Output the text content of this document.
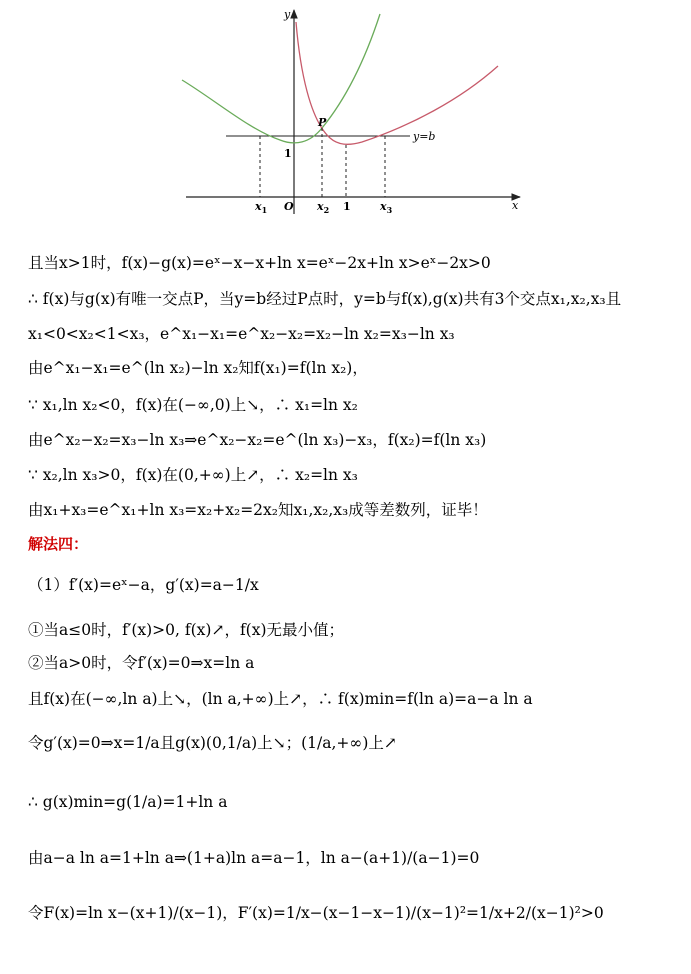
y
x
y=b
P
1
$x_1$ O $x_2$ 1	$x_3$
且当x>1时，f(x)−g(x)=eˣ−x−x+ln x=eˣ−2x+ln x>eˣ−2x>0
∴ f(x)与g(x)有唯一交点P，当y=b经过P点时，y=b与f(x),g(x)共有3个交点x₁,x₂,x₃且
x₁<0<x₂<1<x₃，e^x₁−x₁=e^x₂−x₂=x₂−ln x₂=x₃−ln x₃
由e^x₁−x₁=e^(ln x₂)−ln x₂知f(x₁)=f(ln x₂)，
∵ x₁,ln x₂<0，f(x)在(−∞,0)上↘，∴ x₁=ln x₂
由e^x₂−x₂=x₃−ln x₃⇒e^x₂−x₂=e^(ln x₃)−x₃，f(x₂)=f(ln x₃)
∵ x₂,ln x₃>0，f(x)在(0,+∞)上↗，∴ x₂=ln x₃
由x₁+x₃=e^x₁+ln x₃=x₂+x₂=2x₂知x₁,x₂,x₃成等差数列，证毕！
解法四：
（1）f′(x)=eˣ−a，g′(x)=a−1/x
①当a≤0时，f′(x)>0, f(x)↗，f(x)无最小值；
②当a>0时，令f′(x)=0⇒x=ln a
且f(x)在(−∞,ln a)上↘，(ln a,+∞)上↗，∴ f(x)min=f(ln a)=a−a ln a
令g′(x)=0⇒x=1/a且g(x)(0,1/a)上↘；(1/a,+∞)上↗
∴ g(x)min=g(1/a)=1+ln a
由a−a ln a=1+ln a⇒(1+a)ln a=a−1，ln a−(a+1)/(a−1)=0
令F(x)=ln x−(x+1)/(x−1)，F′(x)=1/x−(x−1−x−1)/(x−1)²=1/x+2/(x−1)²>0
